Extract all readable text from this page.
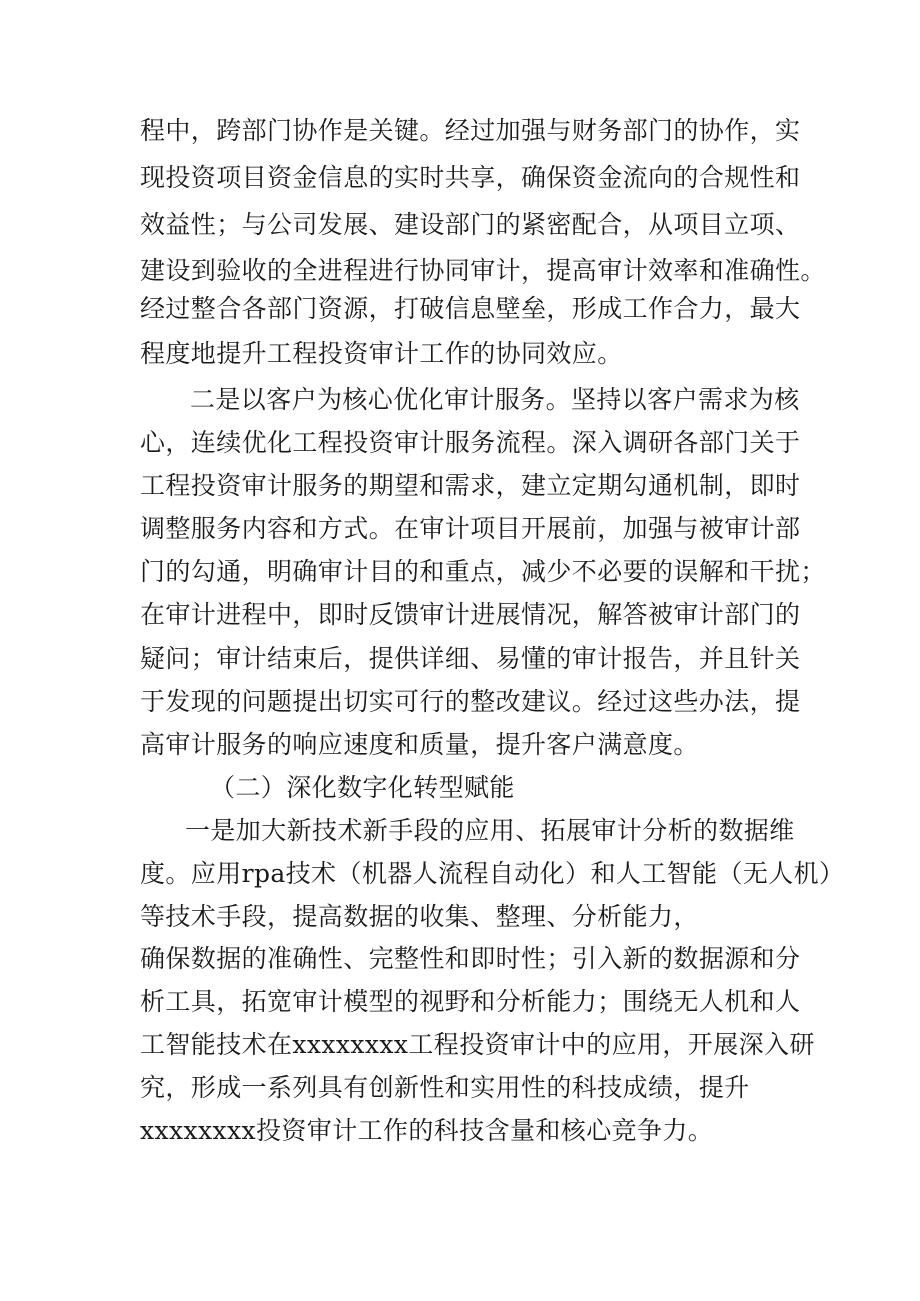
程中，跨部门协作是关键。经过加强与财务部门的协作，实
现投资项目资金信息的实时共享，确保资金流向的合规性和
效益性；与公司发展、建设部门的紧密配合，从项目立项、
建设到验收的全进程进行协同审计，提高审计效率和准确性。
经过整合各部门资源，打破信息壁垒，形成工作合力，最大
程度地提升工程投资审计工作的协同效应。
二是以客户为核心优化审计服务。坚持以客户需求为核
心，连续优化工程投资审计服务流程。深入调研各部门关于
工程投资审计服务的期望和需求，建立定期勾通机制，即时
调整服务内容和方式。在审计项目开展前，加强与被审计部
门的勾通，明确审计目的和重点，减少不必要的误解和干扰；
在审计进程中，即时反馈审计进展情况，解答被审计部门的
疑问；审计结束后，提供详细、易懂的审计报告，并且针关
于发现的问题提出切实可行的整改建议。经过这些办法，提
高审计服务的响应速度和质量，提升客户满意度。
（二）深化数字化转型赋能
一是加大新技术新手段的应用、拓展审计分析的数据维
度。应用rpa技术（机器人流程自动化）和人工智能（无人机）
等技术手段，提高数据的收集、整理、分析能力，
确保数据的准确性、完整性和即时性；引入新的数据源和分
析工具，拓宽审计模型的视野和分析能力；围绕无人机和人
工智能技术在xxxxxxxx工程投资审计中的应用，开展深入研
究，形成一系列具有创新性和实用性的科技成绩，提升
xxxxxxxx投资审计工作的科技含量和核心竞争力。
